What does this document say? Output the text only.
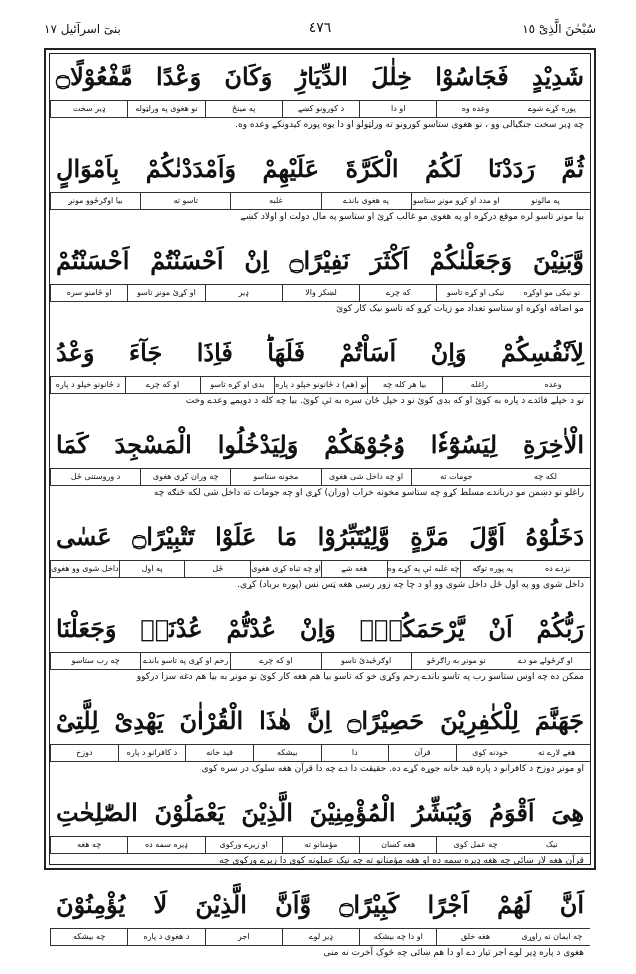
سُبْحٰنَ الَّذِیْٓ ١٥
٤٧٦
بنیٓ اسرآئیل ١٧
شَدِیْدٍ فَجَاسُوْا خِلٰلَ الدِّیَارِؕ وَكَانَ وَعْدًا مَّفْعُوْلًا۝
ډیر سخت	نو هغوی په ورلټوله	په مینځ	د کورونو کښے	او دا	وعده وه	پوره کړے شوے
چه ډیر سخت جنګیالی وو ، نو هغوی ستاسو کورونو ته ورلټولو او دا یوه پوره کیدونکے وعده وه.
ثُمَّ رَدَدْنَا لَكُمُ الْكَرَّةَ عَلَیْهِمْ وَاَمْدَدْنٰكُمْ بِاَمْوَالٍ
بیا اوګرځوو مونږ	تاسو ته	غلبه	په هغوی باندے	او مدد او کړو مونږ ستاسو	په مالونو
بیا مونږ تاسو لره موقع درکړه او په هغوی مو غالب کړئ او ستاسو په مال دولت او اولاد کښے
وَّبَنِیْنَ وَجَعَلْنٰكُمْ اَكْثَرَ نَفِیْرًا۝ اِنْ اَحْسَنْتُمْ اَحْسَنْتُمْ
او ځامنو سره	او کړئ مونږ تاسو	ډیر	لښکر والا	که چرے	نیکی او کړه تاسو	نو نیکی مو اوکړه
مو اضافه اوکړه او ستاسو تعداد مو زیات کړو که تاسو نیک کار کوئ
لِاَنْفُسِكُمْ وَاِنْ اَسَاْتُمْ فَلَهَاؕ فَاِذَا جَآءَ وَعْدُ
د ځانونو خپلو د پاره	او که چرے	بدی او کړه تاسو	نو (هم) د ځانونو خپلو د پاره	بیا هر کله چه	راغله	وعده
نو د خپلے فائدے د پاره به کوئ او که بدی کوئ نو د خپل ځان سره به ئې کوئ. بیا چه کله د دویمے وعدے وخت
الْاٰخِرَةِ لِیَسُوْٓءٗا وُجُوْهَكُمْ وَلِیَدْخُلُوا الْمَسْجِدَ كَمَا
د وروستنی ځل	چه وران کړی هغوی	مخونه ستاسو	او چه داخل شی هغوی	جومات ته	لکه چه
راغلو نو دښمن مو درباندے مسلط کړو چه ستاسو مخونه خراب (وران) کړی او چه جومات ته داخل شی لکه څنګه چه
دَخَلُوْهُ اَوَّلَ مَرَّةٍ وَّلِیُتَبِّرُوْا مَا عَلَوْا تَتْبِیْرًا۝ عَسٰى
داخل شوی وو هغوی	په اول	ځل	او چه تباه کړی هغوی	هغه شے	چه غلبه ئې په کړے وه	په پوره توګه	نزدے ده
داخل شوی وو په اول ځل داخل شوی وو او د چا چه زور رسی هغه ټس نس (پوره برباد) کړی.
رَبُّكُمْ اَنْ یَّرْحَمَكُمْۚ وَاِنْ عُدْتُّمْ عُدْنَاۘ وَجَعَلْنَا
چه رب ستاسو	رحم او کړی په تاسو باندے	او که چرے	اوګرځیدئ تاسو	نو مونږ به راګرځو	او ګرځولے مو دے
ممکن ده چه اوس ستاسو رب په تاسو باندے رحم وکړی خو که تاسو بیا هم هغه کار کوئ نو مونږ به بیا هم دغه سزا درکوو
جَهَنَّمَ لِلْكٰفِرِیْنَ حَصِیْرًا۝ اِنَّ هٰذَا الْقُرْاٰنَ یَهْدِیْ لِلَّتِیْ
دوزخ	د کافرانو د پاره	قید خانه	بیشکه	دا	قرآن	خودنه کوی	هغے لارے ته
او مونږ دوزخ د کافرانو د پاره قید خانه جوړه کړے ده. حقیقت دا دے چه دا قرآن هغه سلوک در سره کوی
هِیَ اَقْوَمُ وَیُبَشِّرُ الْمُؤْمِنِیْنَ الَّذِیْنَ یَعْمَلُوْنَ الصّٰلِحٰتِ
چه هغه	ډیره سمه ده	او زیرے ورکوی	مؤمنانو ته	هغه کسان	چه عمل کوی	نیک
قرآن هغه لار ښائی چه هغه ډیره سمه ده او هغه مؤمنانو ته چه نیک عملونه کوی دا زیرے ورکوی چه
اَنَّ لَهُمْ اَجْرًا كَبِیْرًا۝ وَّاَنَّ الَّذِیْنَ لَا یُؤْمِنُوْنَ
چه بیشکه	د هغوی د پاره	اجر	ډیر لوے	او دا چه بیشکه	هغه خلق	چه ایمان نه راوړی
هغوی د پاره ډیر لوے اجر تیار دے او دا هم ښائی چه څوک آخرت نه منی
